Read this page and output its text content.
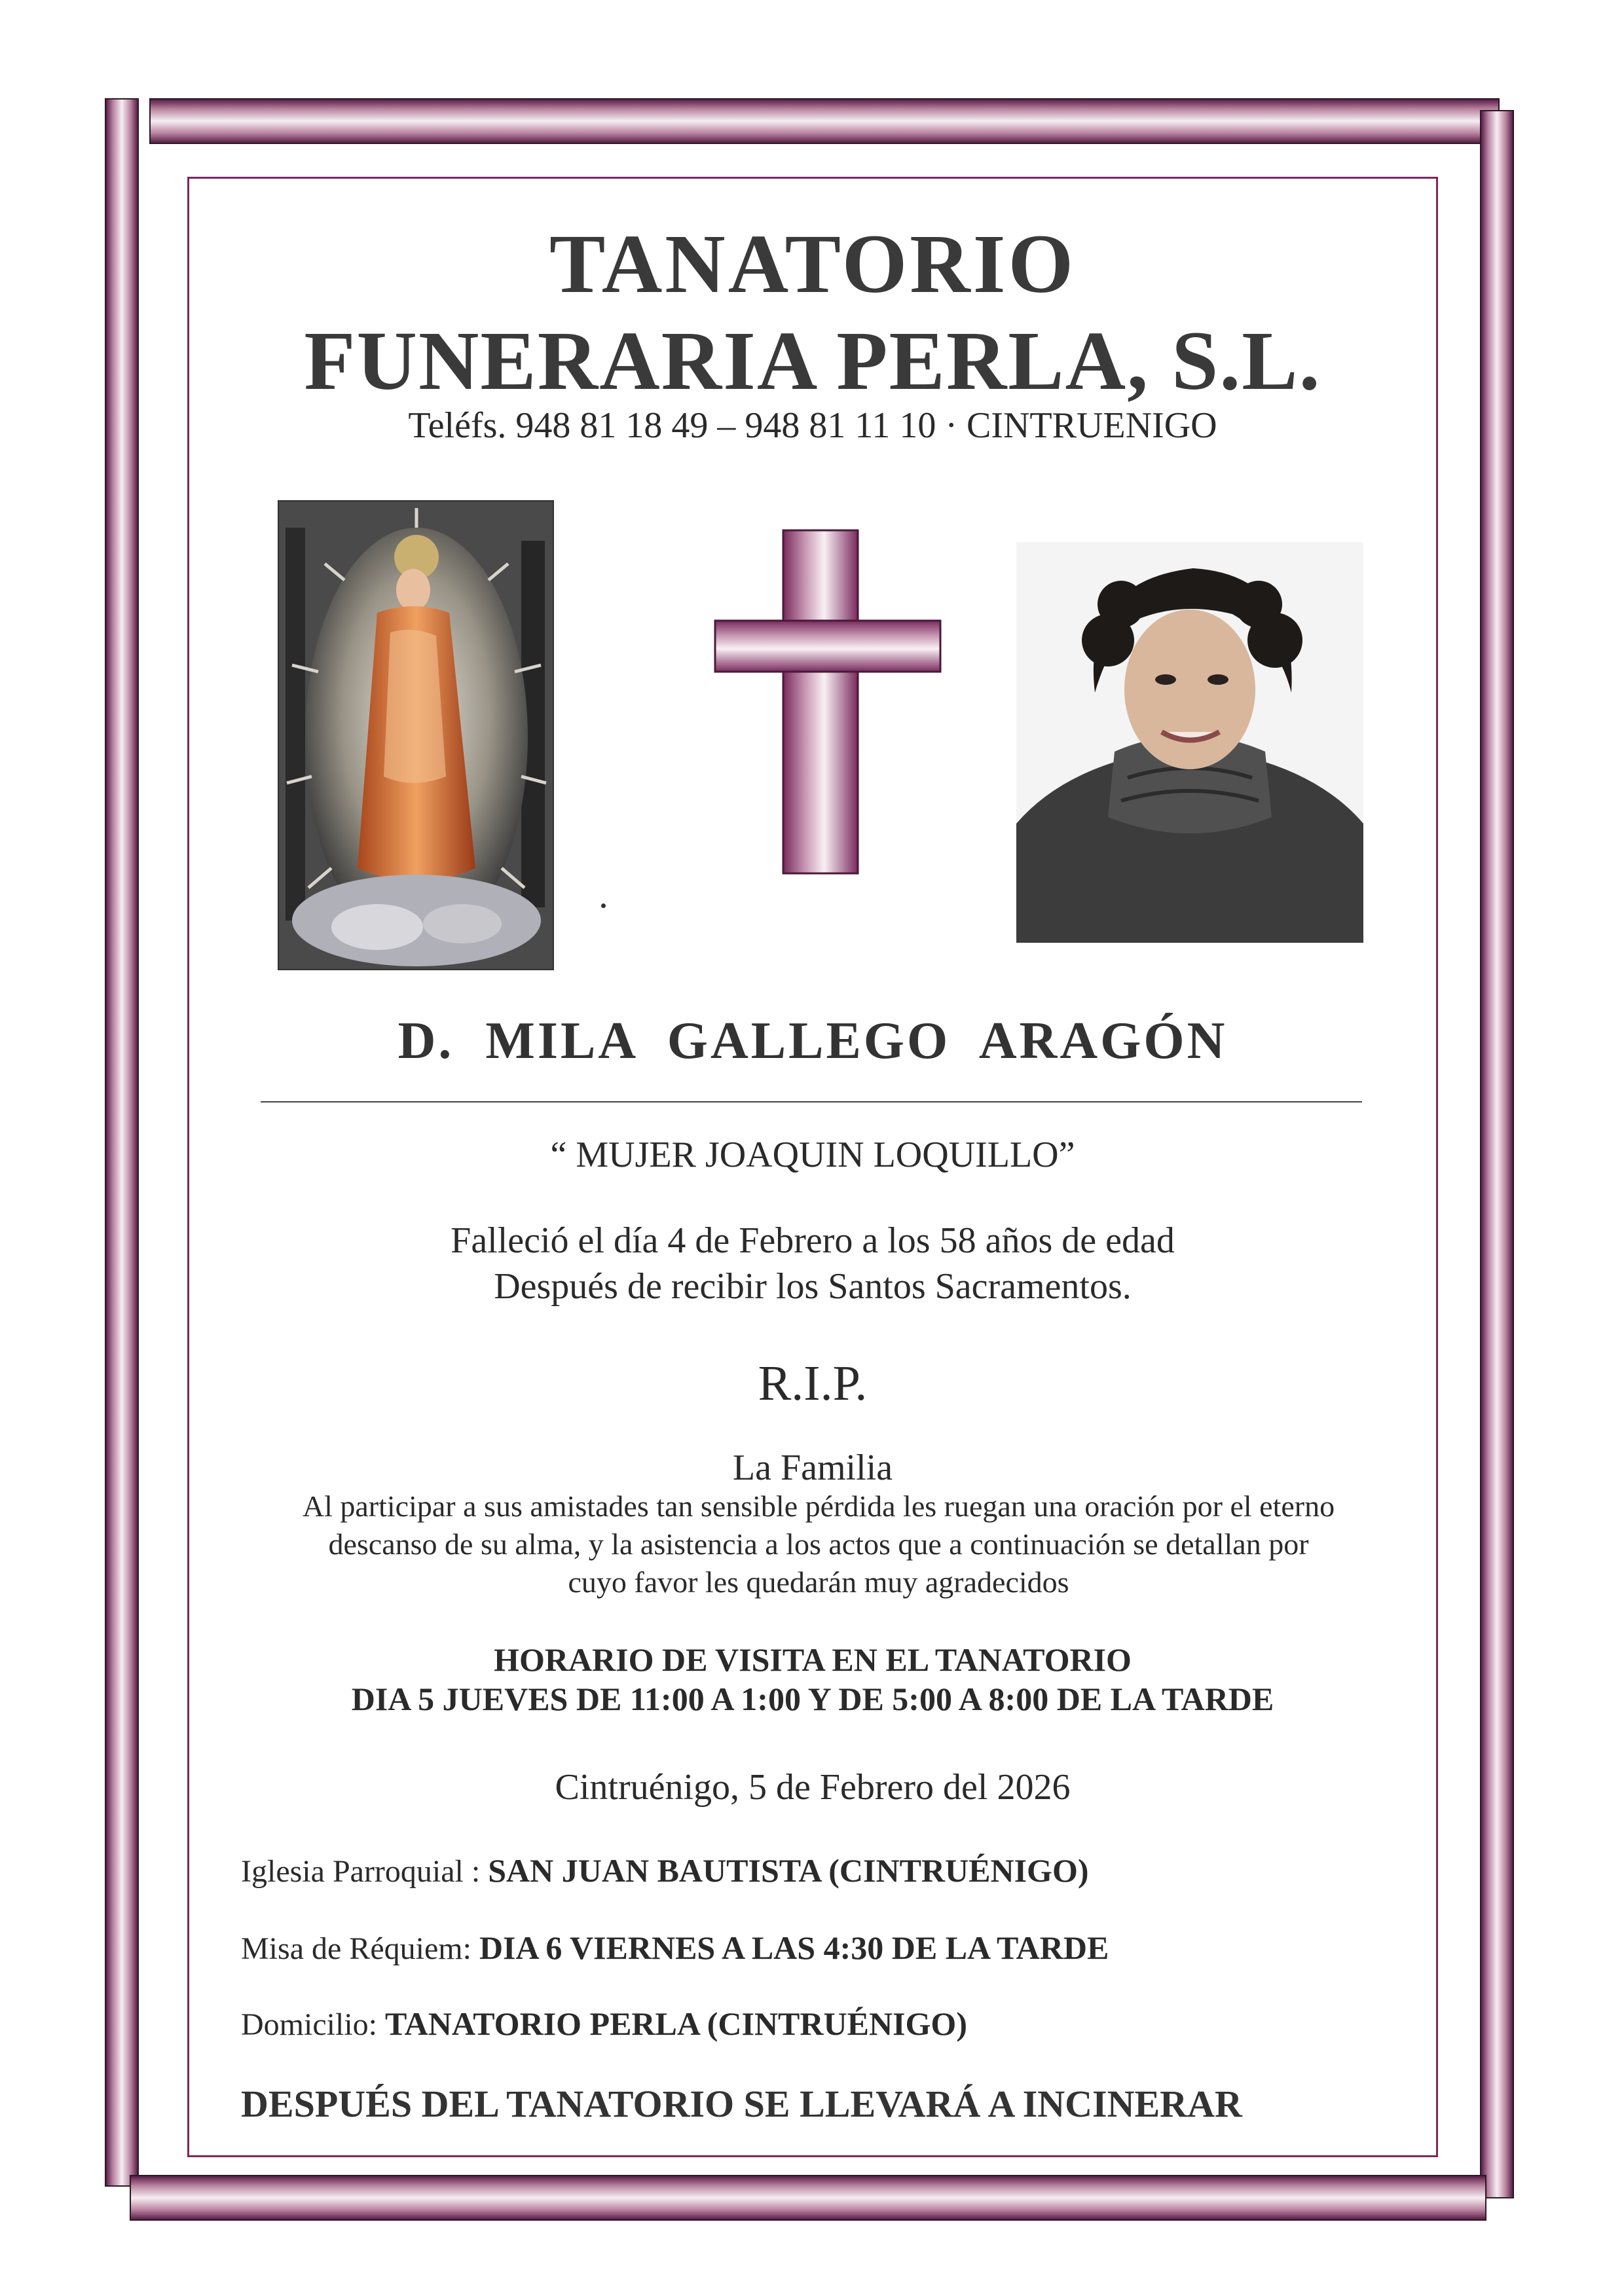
TANATORIO
FUNERARIA PERLA, S.L.
Teléfs. 948 81 18 49 – 948 81 11 10 · CINTRUENIGO
D. MILA GALLEGO ARAGÓN
“ MUJER JOAQUIN LOQUILLO”
Falleció el día 4 de Febrero a los 58 años de edad
Después de recibir los Santos Sacramentos.
R.I.P.
La Familia
Al participar a sus amistades tan sensible pérdida les ruegan una oración por el eterno
descanso de su alma, y la asistencia a los actos que a continuación se detallan por
cuyo favor les quedarán muy agradecidos
HORARIO DE VISITA EN EL TANATORIO
DIA 5 JUEVES DE 11:00 A 1:00 Y DE 5:00 A 8:00 DE LA TARDE
Cintruénigo, 5 de Febrero del 2026
Iglesia Parroquial : SAN JUAN BAUTISTA (CINTRUÉNIGO)
Misa de Réquiem: DIA 6 VIERNES A LAS 4:30 DE LA TARDE
Domicilio: TANATORIO PERLA (CINTRUÉNIGO)
DESPUÉS DEL TANATORIO SE LLEVARÁ A INCINERAR
